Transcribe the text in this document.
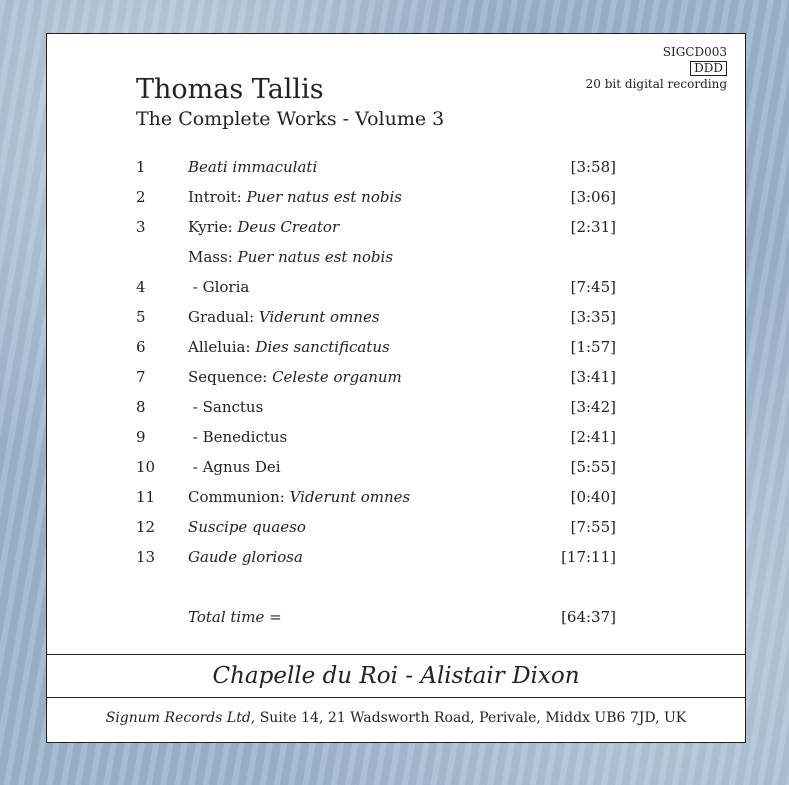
SIGCD003
DDD
20 bit digital recording
Thomas Tallis
The Complete Works - Volume 3
1	Beati immaculati	[3:58]
2	Introit: Puer natus est nobis	[3:06]
3	Kyrie: Deus Creator	[2:31]
Mass: Puer natus est nobis
4	- Gloria	[7:45]
5	Gradual: Viderunt omnes	[3:35]
6	Alleluia: Dies sanctificatus	[1:57]
7	Sequence: Celeste organum	[3:41]
8	- Sanctus	[3:42]
9	- Benedictus	[2:41]
10 - Agnus Dei	[5:55]
11 Communion: Viderunt omnes	[0:40]
12 Suscipe quaeso	[7:55]
13 Gaude gloriosa	[17:11]
Total time =	[64:37]
Chapelle du Roi - Alistair Dixon
Signum Records Ltd, Suite 14, 21 Wadsworth Road, Perivale, Middx UB6 7JD, UK
